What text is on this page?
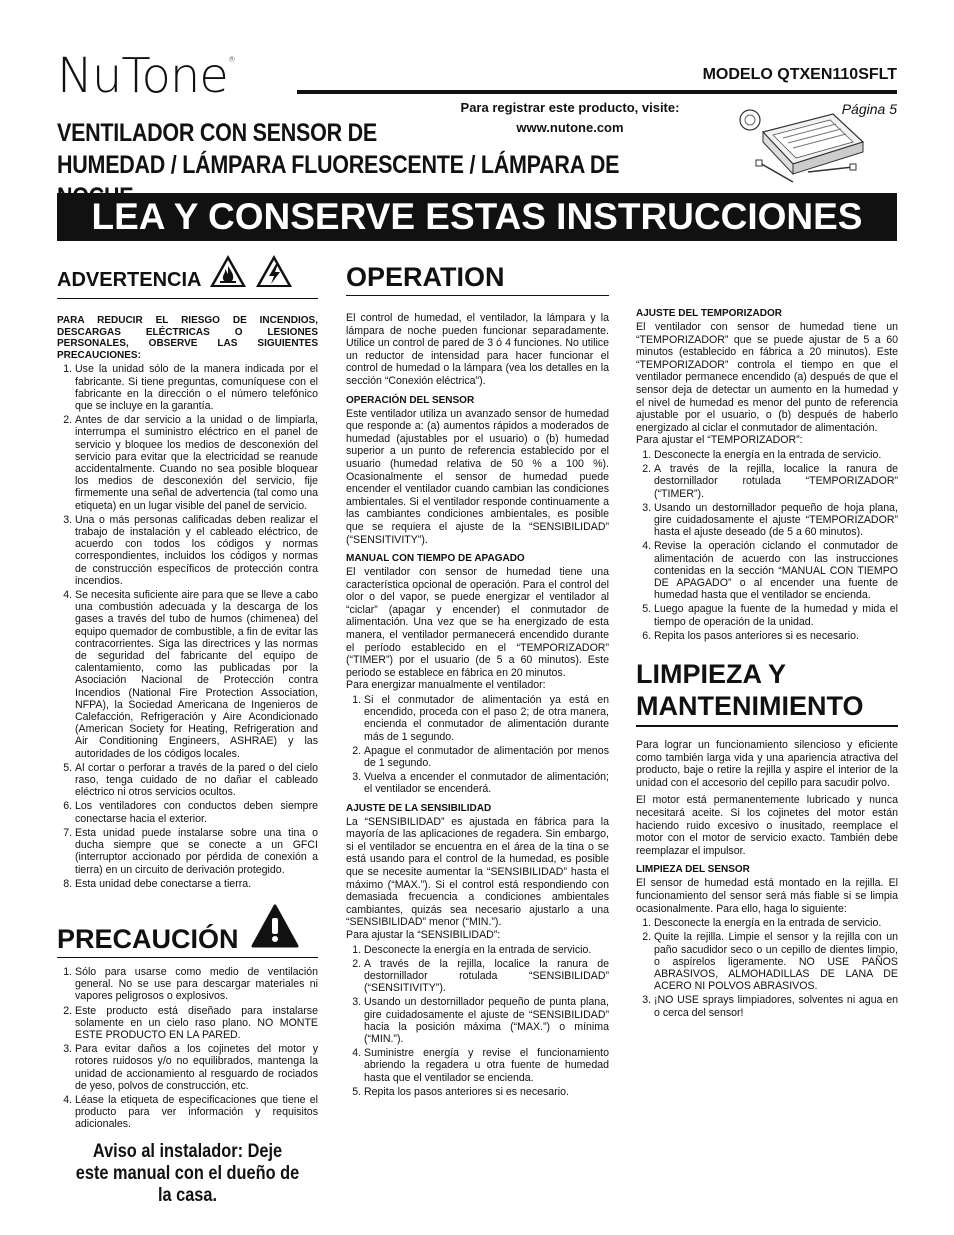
NuTone®
MODELO QTXEN110SFLT
Para registrar este producto, visite:
www.nutone.com
Página 5
VENTILADOR CON SENSOR DE
HUMEDAD / LÁMPARA FLUORESCENTE / LÁMPARA DE
LEA Y CONSERVE ESTAS INSTRUCCIONES
ADVERTENCIA
PARA REDUCIR EL RIESGO DE INCENDIOS, DESCARGAS ELÉCTRICAS O LESIONES PERSONALES, OBSERVE LAS SIGUIENTES PRECAUCIONES:
1. Use la unidad sólo de la manera indicada por el fabricante. Si tiene preguntas, comuníquese con el fabricante en la dirección o el número telefónico que se incluye en la garantía.
2. Antes de dar servicio a la unidad o de limpiarla, interrumpa el suministro eléctrico en el panel de servicio y bloquee los medios de desconexión del servicio para evitar que la electricidad se reanude accidentalmente. Cuando no sea posible bloquear los medios de desconexión del servicio, fije firmemente una señal de advertencia (tal como una etiqueta) en un lugar visible del panel de servicio.
3. Una o más personas calificadas deben realizar el trabajo de instalación y el cableado eléctrico, de acuerdo con todos los códigos y normas correspondientes, incluidos los códigos y normas de construcción específicos de protección contra incendios.
4. Se necesita suficiente aire para que se lleve a cabo una combustión adecuada y la descarga de los gases a través del tubo de humos (chimenea) del equipo quemador de combustible, a fin de evitar las contracorrientes. Siga las directrices y las normas de seguridad del fabricante del equipo de calentamiento, como las publicadas por la Asociación Nacional de Protección contra Incendios (National Fire Protection Association, NFPA), la Sociedad Americana de Ingenieros de Calefacción, Refrigeración y Aire Acondicionado (American Society for Heating, Refrigeration and Air Conditioning Engineers, ASHRAE) y las autoridades de los códigos locales.
5. Al cortar o perforar a través de la pared o del cielo raso, tenga cuidado de no dañar el cableado eléctrico ni otros servicios ocultos.
6. Los ventiladores con conductos deben siempre conectarse hacia el exterior.
7. Esta unidad puede instalarse sobre una tina o ducha siempre que se conecte a un GFCI (interruptor accionado por pérdida de conexión a tierra) en un circuito de derivación protegido.
8. Esta unidad debe conectarse a tierra.
PRECAUCIÓN
1. Sólo para usarse como medio de ventilación general. No se use para descargar materiales ni vapores peligrosos o explosivos.
2. Este producto está diseñado para instalarse solamente en un cielo raso plano. NO MONTE ESTE PRODUCTO EN LA PARED.
3. Para evitar daños a los cojinetes del motor y rotores ruidosos y/o no equilibrados, mantenga la unidad de accionamiento al resguardo de rociados de yeso, polvos de construcción, etc.
4. Léase la etiqueta de especificaciones que tiene el producto para ver información y requisitos adicionales.
Aviso al instalador: Deje este manual con el dueño de la casa.
OPERATION

El control de humedad, el ventilador, la lámpara y la lámpara de noche pueden funcionar separadamente. Utilice un control de pared de 3 ó 4 funciones. No utilice un reductor de intensidad para hacer funcionar el control de humedad o la lámpara (vea los detalles en la sección “Conexión eléctrica”).

OPERACIÓN DEL SENSOR

Este ventilador utiliza un avanzado sensor de humedad que responde a: (a) aumentos rápidos a moderados de humedad (ajustables por el usuario) o (b) humedad superior a un punto de referencia establecido por el usuario (humedad relativa de 50 % a 100 %). Ocasionalmente el sensor de humedad puede encender el ventilador cuando cambian las condiciones ambientales. Si el ventilador responde continuamente a las cambiantes condiciones ambientales, es posible que se requiera el ajuste de la “SENSIBILIDAD” (“SENSITIVITY”).

MANUAL CON TIEMPO DE APAGADO

El ventilador con sensor de humedad tiene una característica opcional de operación. Para el control del olor o del vapor, se puede energizar el ventilador al “ciclar” (apagar y encender) el conmutador de alimentación. Una vez que se ha energizado de esta manera, el ventilador permanecerá encendido durante el período establecido en el “TEMPORIZADOR” (“TIMER”) por el usuario (de 5 a 60 minutos). Este periodo se establece en fábrica en 20 minutos.

Para energizar manualmente el ventilador:

1. Si el conmutador de alimentación ya está en encendido, proceda con el paso 2; de otra manera, encienda el conmutador de alimentación durante más de 1 segundo.
2. Apague el conmutador de alimentación por menos de 1 segundo.
3. Vuelva a encender el conmutador de alimentación; el ventilador se encenderá.
AJUSTE DE LA SENSIBILIDAD

La “SENSIBILIDAD” es ajustada en fábrica para la mayoría de las aplicaciones de regadera. Sin embargo, si el ventilador se encuentra en el área de la tina o se está usando para el control de la humedad, es posible que se necesite aumentar la “SENSIBILIDAD” hasta el máximo (“MAX.”). Si el control está respondiendo con demasiada frecuencia a condiciones ambientales cambiantes, quizás sea necesario ajustarlo a una “SENSIBILIDAD” menor (“MIN.”).

Para ajustar la “SENSIBILIDAD”:

1. Desconecte la energía en la entrada de servicio.
2. A través de la rejilla, localice la ranura de destornillador rotulada “SENSIBILIDAD” (“SENSITIVITY”).
3. Usando un destornillador pequeño de punta plana, gire cuidadosamente el ajuste de “SENSIBILIDAD” hacia la posición máxima (“MAX.”) o mínima (“MIN.”).
4. Suministre energía y revise el funcionamiento abriendo la regadera u otra fuente de humedad hasta que el ventilador se encienda.
5. Repita los pasos anteriores si es necesario.
AJUSTE DEL TEMPORIZADOR

El ventilador con sensor de humedad tiene un “TEMPORIZADOR” que se puede ajustar de 5 a 60 minutos (establecido en fábrica a 20 minutos). Este “TEMPORIZADOR” controla el tiempo en que el ventilador permanece encendido (a) después de que el sensor deja de detectar un aumento en la humedad y el nivel de humedad es menor del punto de referencia ajustable por el usuario, o (b) después de haberlo energizado al ciclar el conmutador de alimentación.

Para ajustar el “TEMPORIZADOR”:

1. Desconecte la energía en la entrada de servicio.
2. A través de la rejilla, localice la ranura de destornillador rotulada “TEMPORIZADOR” (“TIMER”).
3. Usando un destornillador pequeño de hoja plana, gire cuidadosamente el ajuste “TEMPORIZADOR” hasta el ajuste deseado (de 5 a 60 minutos).
4. Revise la operación ciclando el conmutador de alimentación de acuerdo con las instrucciones contenidas en la sección “MANUAL CON TIEMPO DE APAGADO” o al encender una fuente de humedad hasta que el ventilador se encienda.
5. Luego apague la fuente de la humedad y mida el tiempo de operación de la unidad.
6. Repita los pasos anteriores si es necesario.
LIMPIEZA Y
MANTENIMIENTO

Para lograr un funcionamiento silencioso y eficiente como también larga vida y una apariencia atractiva del producto, baje o retire la rejilla y aspire el interior de la unidad con el accesorio del cepillo para sacudir polvo.

El motor está permanentemente lubricado y nunca necesitará aceite. Si los cojinetes del motor están haciendo ruido excesivo o inusitado, reemplace el motor con el motor de servicio exacto. También debe reemplazar el impulsor.

LIMPIEZA DEL SENSOR

El sensor de humedad está montado en la rejilla. El funcionamiento del sensor será más fiable si se limpia ocasionalmente. Para ello, haga lo siguiente:

1. Desconecte la energía en la entrada de servicio.
2. Quite la rejilla. Limpie el sensor y la rejilla con un paño sacudidor seco o un cepillo de dientes limpio, o aspírelos ligeramente. NO USE PAÑOS ABRASIVOS, ALMOHADILLAS DE LANA DE ACERO NI POLVOS ABRASIVOS.
3. ¡NO USE sprays limpiadores, solventes ni agua en o cerca del sensor!
